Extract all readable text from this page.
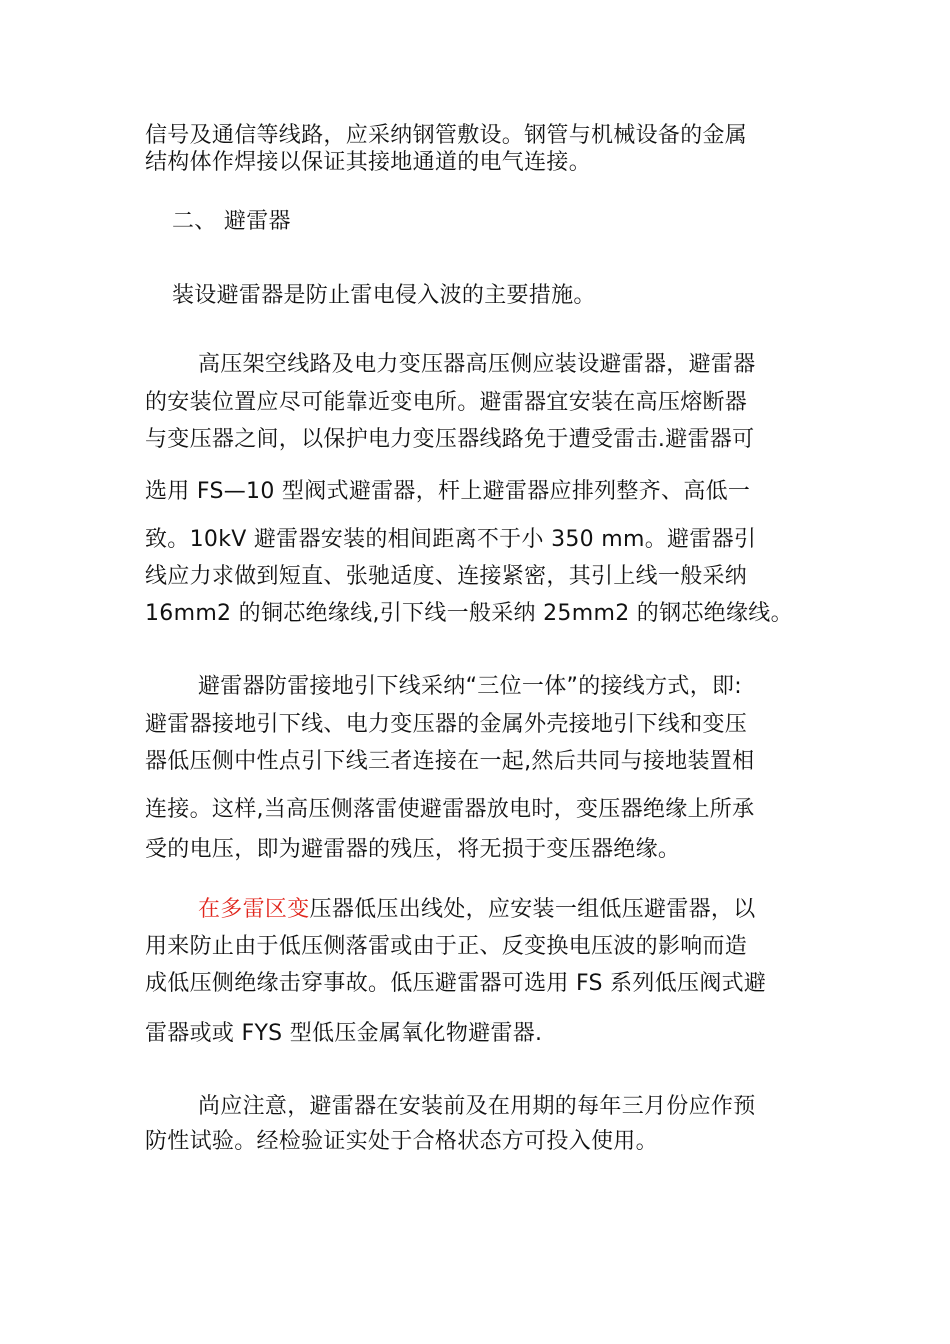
信号及通信等线路，应采纳钢管敷设。钢管与机械设备的金属
结构体作焊接以保证其接地通道的电气连接。
二、 避雷器
装设避雷器是防止雷电侵入波的主要措施。
高压架空线路及电力变压器高压侧应装设避雷器，避雷器
的安装位置应尽可能靠近变电所。避雷器宜安装在高压熔断器
与变压器之间，以保护电力变压器线路免于遭受雷击.避雷器可
选用 FS—10 型阀式避雷器，杆上避雷器应排列整齐、高低一
致。10kV 避雷器安装的相间距离不于小 350 mm。避雷器引
线应力求做到短直、张驰适度、连接紧密，其引上线一般采纳
16mm2 的铜芯绝缘线,引下线一般采纳 25mm2 的钢芯绝缘线。
避雷器防雷接地引下线采纳“三位一体”的接线方式，即:
避雷器接地引下线、电力变压器的金属外壳接地引下线和变压
器低压侧中性点引下线三者连接在一起,然后共同与接地装置相
连接。这样,当高压侧落雷使避雷器放电时，变压器绝缘上所承
受的电压，即为避雷器的残压，将无损于变压器绝缘。
在多雷区变压器低压出线处，应安装一组低压避雷器，以
用来防止由于低压侧落雷或由于正、反变换电压波的影响而造
成低压侧绝缘击穿事故。低压避雷器可选用 FS 系列低压阀式避
雷器或或 FYS 型低压金属氧化物避雷器.
尚应注意，避雷器在安装前及在用期的每年三月份应作预
防性试验。经检验证实处于合格状态方可投入使用。
